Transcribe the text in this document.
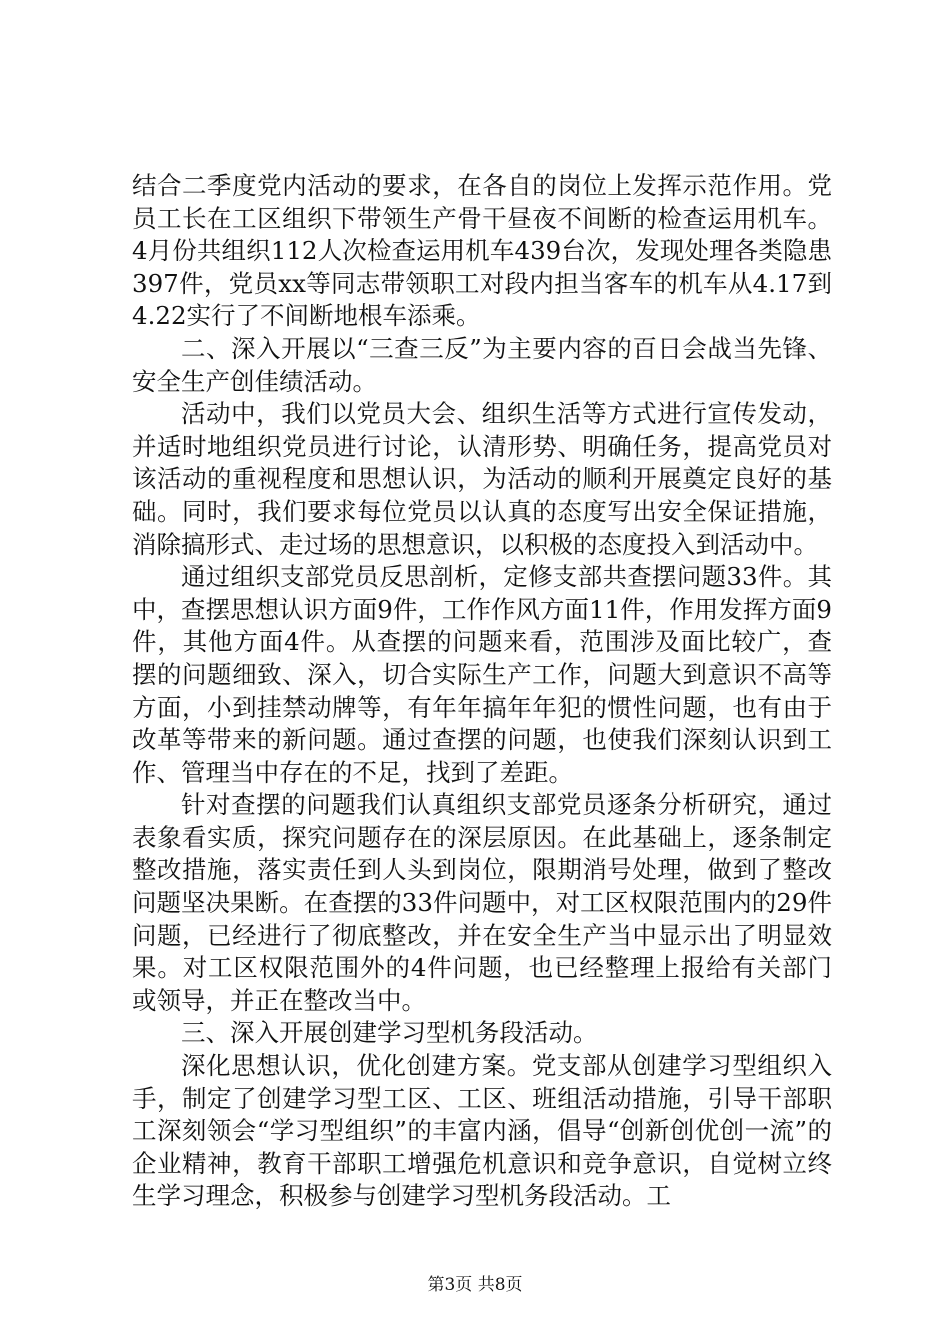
结合二季度党内活动的要求，在各自的岗位上发挥示范作用。党员工长在工区组织下带领生产骨干昼夜不间断的检查运用机车。4月份共组织112人次检查运用机车439台次，发现处理各类隐患397件，党员xx等同志带领职工对段内担当客车的机车从4.17到4.22实行了不间断地根车添乘。

二、深入开展以“三查三反”为主要内容的百日会战当先锋、安全生产创佳绩活动。

活动中，我们以党员大会、组织生活等方式进行宣传发动，并适时地组织党员进行讨论，认清形势、明确任务，提高党员对该活动的重视程度和思想认识，为活动的顺利开展奠定良好的基础。同时，我们要求每位党员以认真的态度写出安全保证措施，消除搞形式、走过场的思想意识，以积极的态度投入到活动中。

通过组织支部党员反思剖析，定修支部共查摆问题33件。其中，查摆思想认识方面9件，工作作风方面11件，作用发挥方面9件，其他方面4件。从查摆的问题来看，范围涉及面比较广，查摆的问题细致、深入，切合实际生产工作，问题大到意识不高等方面，小到挂禁动牌等，有年年搞年年犯的惯性问题，也有由于改革等带来的新问题。通过查摆的问题，也使我们深刻认识到工作、管理当中存在的不足，找到了差距。

针对查摆的问题我们认真组织支部党员逐条分析研究，通过表象看实质，探究问题存在的深层原因。在此基础上，逐条制定整改措施，落实责任到人头到岗位，限期消号处理，做到了整改问题坚决果断。在查摆的33件问题中，对工区权限范围内的29件问题，已经进行了彻底整改，并在安全生产当中显示出了明显效果。对工区权限范围外的4件问题，也已经整理上报给有关部门或领导，并正在整改当中。

三、深入开展创建学习型机务段活动。

深化思想认识，优化创建方案。党支部从创建学习型组织入手，制定了创建学习型工区、工区、班组活动措施，引导干部职工深刻领会“学习型组织”的丰富内涵，倡导“创新创优创一流”的企业精神，教育干部职工增强危机意识和竞争意识，自觉树立终生学习理念，积极参与创建学习型机务段活动。工

第3页 共8页
